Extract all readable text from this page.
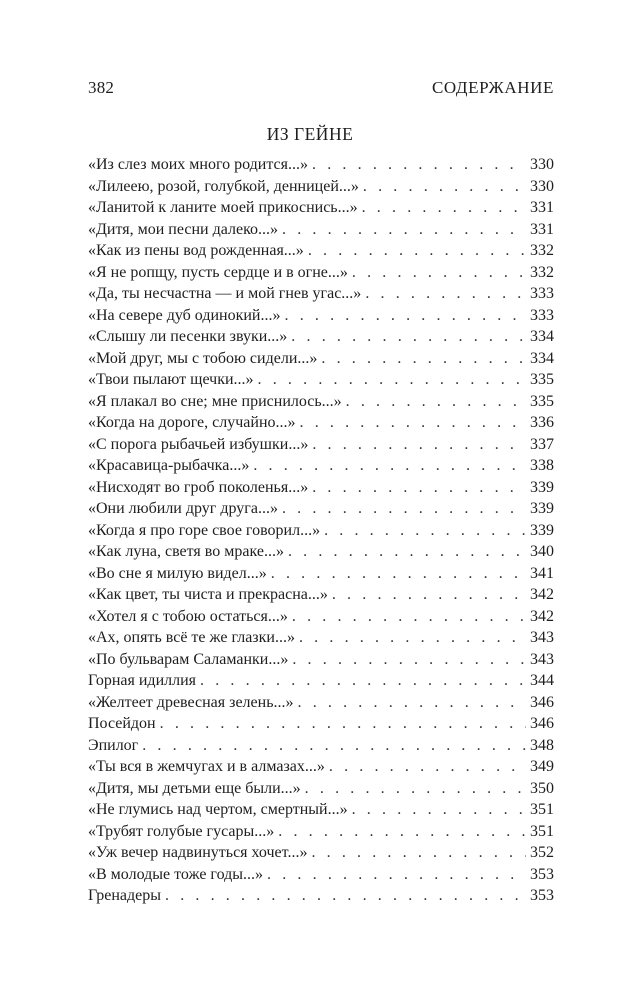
382	СОДЕРЖАНИЕ
ИЗ ГЕЙНЕ
«Из слез моих много родится...» . . .	330
«Лилеею, розой, голубкой, денницей...» . . .	330
«Ланитой к ланите моей прикоснись...» . . .	331
«Дитя, мои песни далеко...» . . .	331
«Как из пены вод рожденная...» . . .	332
«Я не ропщу, пусть сердце и в огне...» . . .	332
«Да, ты несчастна — и мой гнев угас...» . . .	333
«На севере дуб одинокий...» . . .	333
«Слышу ли песенки звуки...» . . .	334
«Мой друг, мы с тобою сидели...» . . .	334
«Твои пылают щечки...» . . .	335
«Я плакал во сне; мне приснилось...» . . .	335
«Когда на дороге, случайно...» . . .	336
«С порога рыбачьей избушки...» . . .	337
«Красавица-рыбачка...» . . .	338
«Нисходят во гроб поколенья...» . . .	339
«Они любили друг друга...» . . .	339
«Когда я про горе свое говорил...» . . .	339
«Как луна, светя во мраке...» . . .	340
«Во сне я милую видел...» . . .	341
«Как цвет, ты чиста и прекрасна...» . . .	342
«Хотел я с тобою остаться...» . . .	342
«Ах, опять всё те же глазки...» . . .	343
«По бульварам Саламанки...» . . .	343
Горная идиллия . . .	344
«Желтеет древесная зелень...» . . .	346
Посейдон . . .	346
Эпилог . . .	348
«Ты вся в жемчугах и в алмазах...» . . .	349
«Дитя, мы детьми еще были...» . . .	350
«Не глумись над чертом, смертный...» . . .	351
«Трубят голубые гусары...» . . .	351
«Уж вечер надвинуться хочет...» . . .	352
«В молодые тоже годы...» . . .	353
Гренадеры . . .	353
